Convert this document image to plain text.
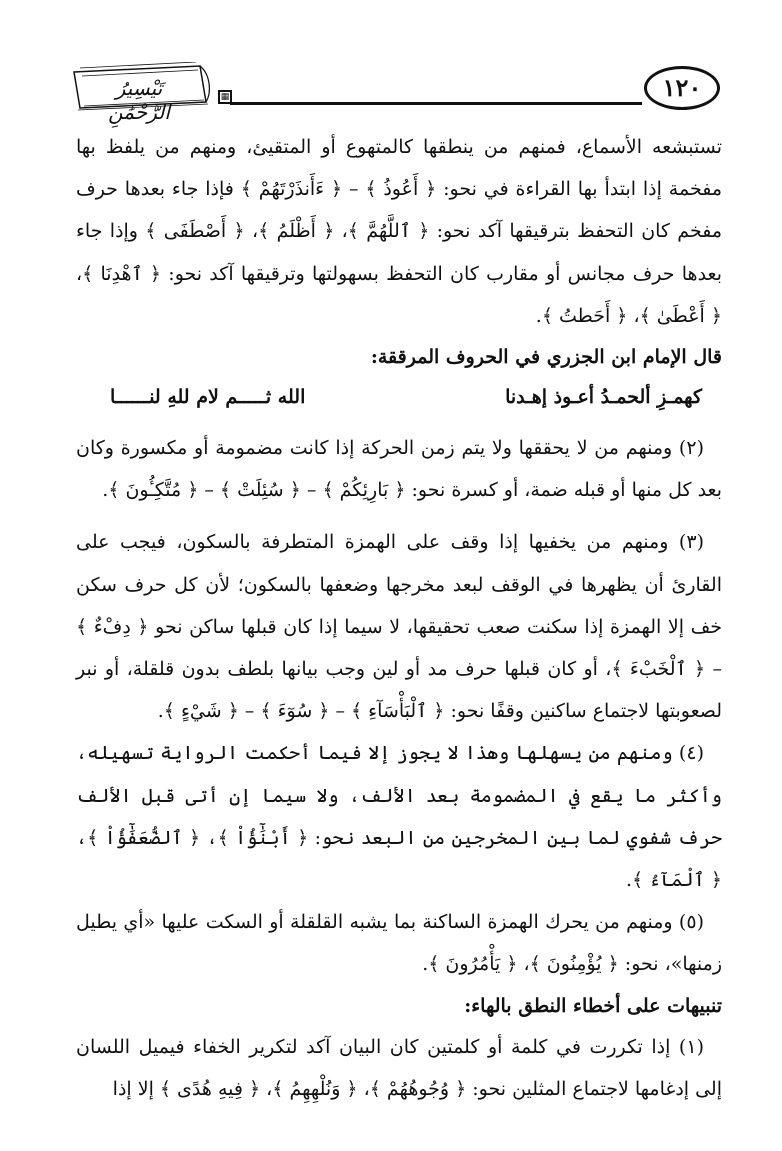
تَيْسِيرُ الرَّحْمَٰنِ
▦	١٢٠

تستبشعه الأسماع، فمنهم من ينطقها كالمتهوع أو المتقيئ، ومنهم من يلفظ بها مفخمة إذا ابتدأ بها القراءة في نحو: ﴿ أَعُوذُ ﴾ – ﴿ ءَأَنذَرْتَهُمْ ﴾ فإذا جاء بعدها حرف مفخم كان التحفظ بترقيقها آكد نحو: ﴿ ٱللَّهُمَّ ﴾، ﴿ أَظْلَمُ ﴾، ﴿ أَصْطَفَى ﴾ وإذا جاء بعدها حرف مجانس أو مقارب كان التحفظ بسهولتها وترقيقها آكد نحو: ﴿ ٱهْدِنَا ﴾، ﴿ أَعْطَىٰ ﴾، ﴿ أَحَطتُ ﴾.

قال الإمام ابن الجزري في الحروف المرققة:

كهمـزِ ألحمـدُ أعـوذ إهـدنا
الله ثـــــم لام للهِ لنــــــا

(٢) ومنهم من لا يحققها ولا يتم زمن الحركة إذا كانت مضمومة أو مكسورة وكان بعد كل منها أو قبله ضمة، أو كسرة نحو: ﴿ بَارِئِكُمْ ﴾ – ﴿ سُئِلَتْ ﴾ – ﴿ مُتَّكِـُٔونَ ﴾.

(٣) ومنهم من يخفيها إذا وقف على الهمزة المتطرفة بالسكون، فيجب على القارئ أن يظهرها في الوقف لبعد مخرجها وضعفها بالسكون؛ لأن كل حرف سكن خف إلا الهمزة إذا سكنت صعب تحقيقها، لا سيما إذا كان قبلها ساكن نحو ﴿ دِفْءٌ ﴾ – ﴿ ٱلْخَبْءَ ﴾، أو كان قبلها حرف مد أو لين وجب بيانها بلطف بدون قلقلة، أو نبر لصعوبتها لاجتماع ساكنين وقفًا نحو: ﴿ ٱلْبَأْسَآءِ ﴾ – ﴿ سُوٓءَ ﴾ – ﴿ شَيْءٍ ﴾.

(٤) ومنهم من يسهلها وهذا لا يجوز إلا فيما أحكمت الرواية تسهيله، وأكثر ما يقع في المضمومة بعد الألف، ولا سيما إن أتى قبل الألف حرف شفوي لما بين المخرجين من البعد نحو: ﴿ أَبْنَٰٓؤُاْ ﴾، ﴿ ٱلضُّعَفَٰٓؤُاْ ﴾، ﴿ ٱلْمَآءُ ﴾.

(٥) ومنهم من يحرك الهمزة الساكنة بما يشبه القلقلة أو السكت عليها «أي يطيل زمنها»، نحو: ﴿ يُؤْمِنُونَ ﴾، ﴿ يَأْمُرُونَ ﴾.

تنبيهات على أخطاء النطق بالهاء:

(١) إذا تكررت في كلمة أو كلمتين كان البيان آكد لتكرير الخفاء فيميل اللسان إلى إدغامها لاجتماع المثلين نحو: ﴿ وُجُوهُهُمْ ﴾، ﴿ وَنُلْهِهِمُ ﴾، ﴿ فِيهِ هُدًى ﴾ إلا إذا
